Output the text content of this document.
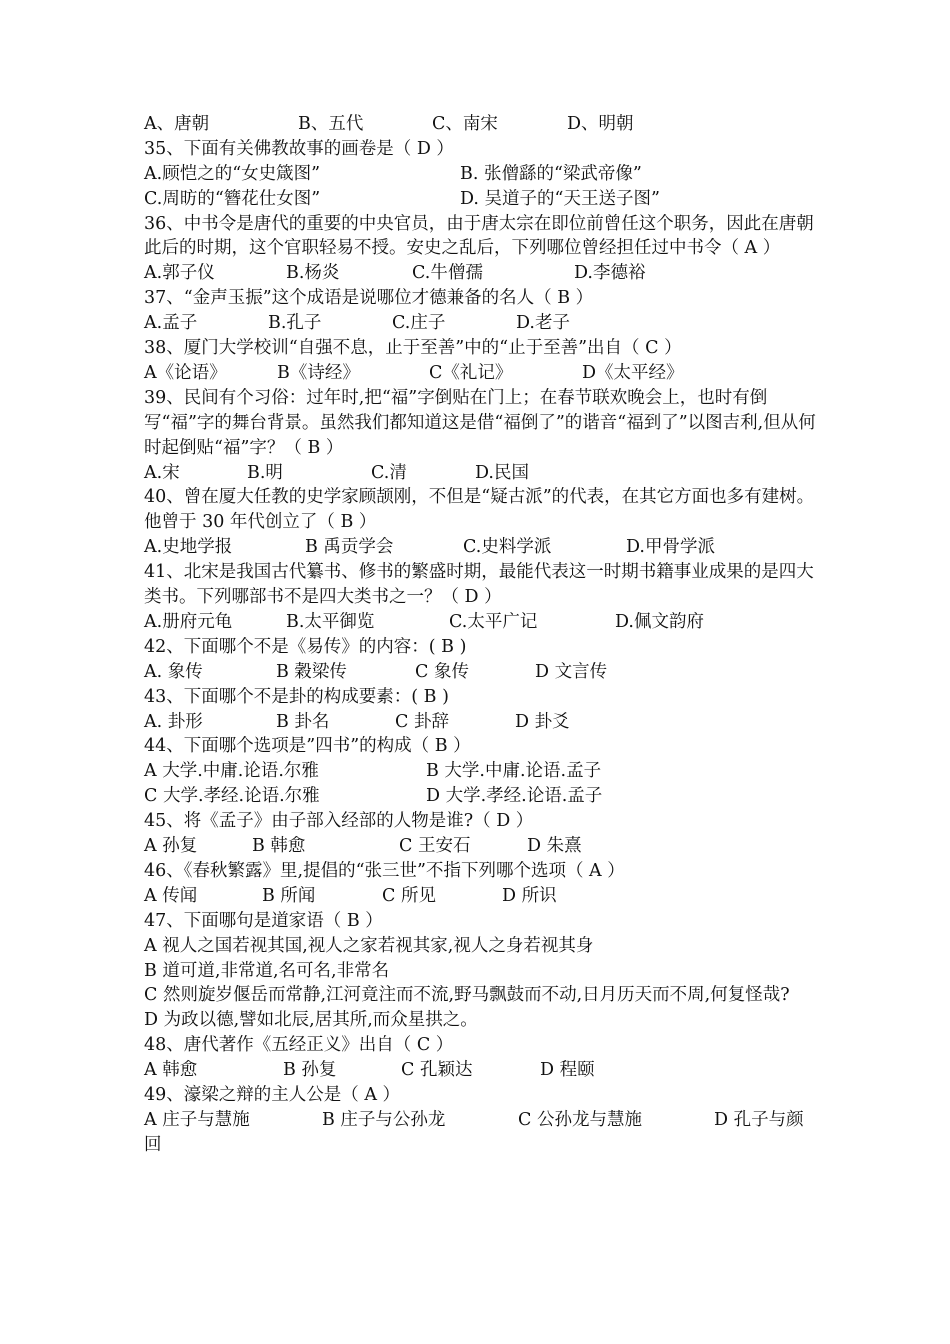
A、唐朝	B、五代	C、南宋	D、明朝
35、下面有关佛教故事的画卷是（ D ）
A.顾恺之的“女史箴图”	B. 张僧繇的“梁武帝像”
C.周昉的“簪花仕女图”	D. 吴道子的“天王送子图”
36、中书令是唐代的重要的中央官员，由于唐太宗在即位前曾任这个职务，因此在唐朝此后的时期，这个官职轻易不授。安史之乱后，下列哪位曾经担任过中书令（ A ）
A.郭子仪	B.杨炎	C.牛僧孺	D.李德裕
37、“金声玉振”这个成语是说哪位才德兼备的名人（ B ）
A.孟子	B.孔子	C.庄子	D.老子
38、厦门大学校训“自强不息，止于至善”中的“止于至善”出自（ C ）
A《论语》	B《诗经》	C《礼记》	D《太平经》
39、民间有个习俗：过年时,把“福”字倒贴在门上；在春节联欢晚会上，也时有倒写“福”字的舞台背景。虽然我们都知道这是借“福倒了”的谐音“福到了”以图吉利,但从何时起倒贴“福”字？（ B ）
A.宋	B.明	C.清	D.民国
40、曾在厦大任教的史学家顾颉刚，不但是“疑古派”的代表，在其它方面也多有建树。他曾于 30 年代创立了（ B ）
A.史地学报	B 禹贡学会	C.史料学派	D.甲骨学派
41、北宋是我国古代纂书、修书的繁盛时期，最能代表这一时期书籍事业成果的是四大类书。下列哪部书不是四大类书之一？（ D ）
A.册府元龟	B.太平御览	C.太平广记	D.佩文韵府
42、下面哪个不是《易传》的内容：( B )
A. 象传	B 穀梁传	C 象传	D 文言传
43、下面哪个不是卦的构成要素：( B )
A. 卦形	B 卦名	C 卦辞	D 卦爻
44、下面哪个选项是”四书”的构成（ B ）
A 大学.中庸.论语.尔雅	B 大学.中庸.论语.孟子
C 大学.孝经.论语.尔雅	D 大学.孝经.论语.孟子
45、将《孟子》由子部入经部的人物是谁?（ D ）
A 孙复	B 韩愈	C 王安石	D 朱熹
46、《春秋繁露》里,提倡的“张三世”不指下列哪个选项（ A ）
A 传闻	B 所闻	C 所见	D 所识
47、下面哪句是道家语（ B ）
A 视人之国若视其国,视人之家若视其家,视人之身若视其身
B 道可道,非常道,名可名,非常名
C 然则旋岁偃岳而常静,江河竟注而不流,野马飘鼓而不动,日月历天而不周,何复怪哉?
D 为政以德,譬如北辰,居其所,而众星拱之。
48、唐代著作《五经正义》出自（ C ）
A 韩愈	B 孙复	C 孔颖达	D 程颐
49、濠梁之辩的主人公是（ A ）
A 庄子与慧施	B 庄子与公孙龙	C 公孙龙与慧施	D 孔子与颜
回
